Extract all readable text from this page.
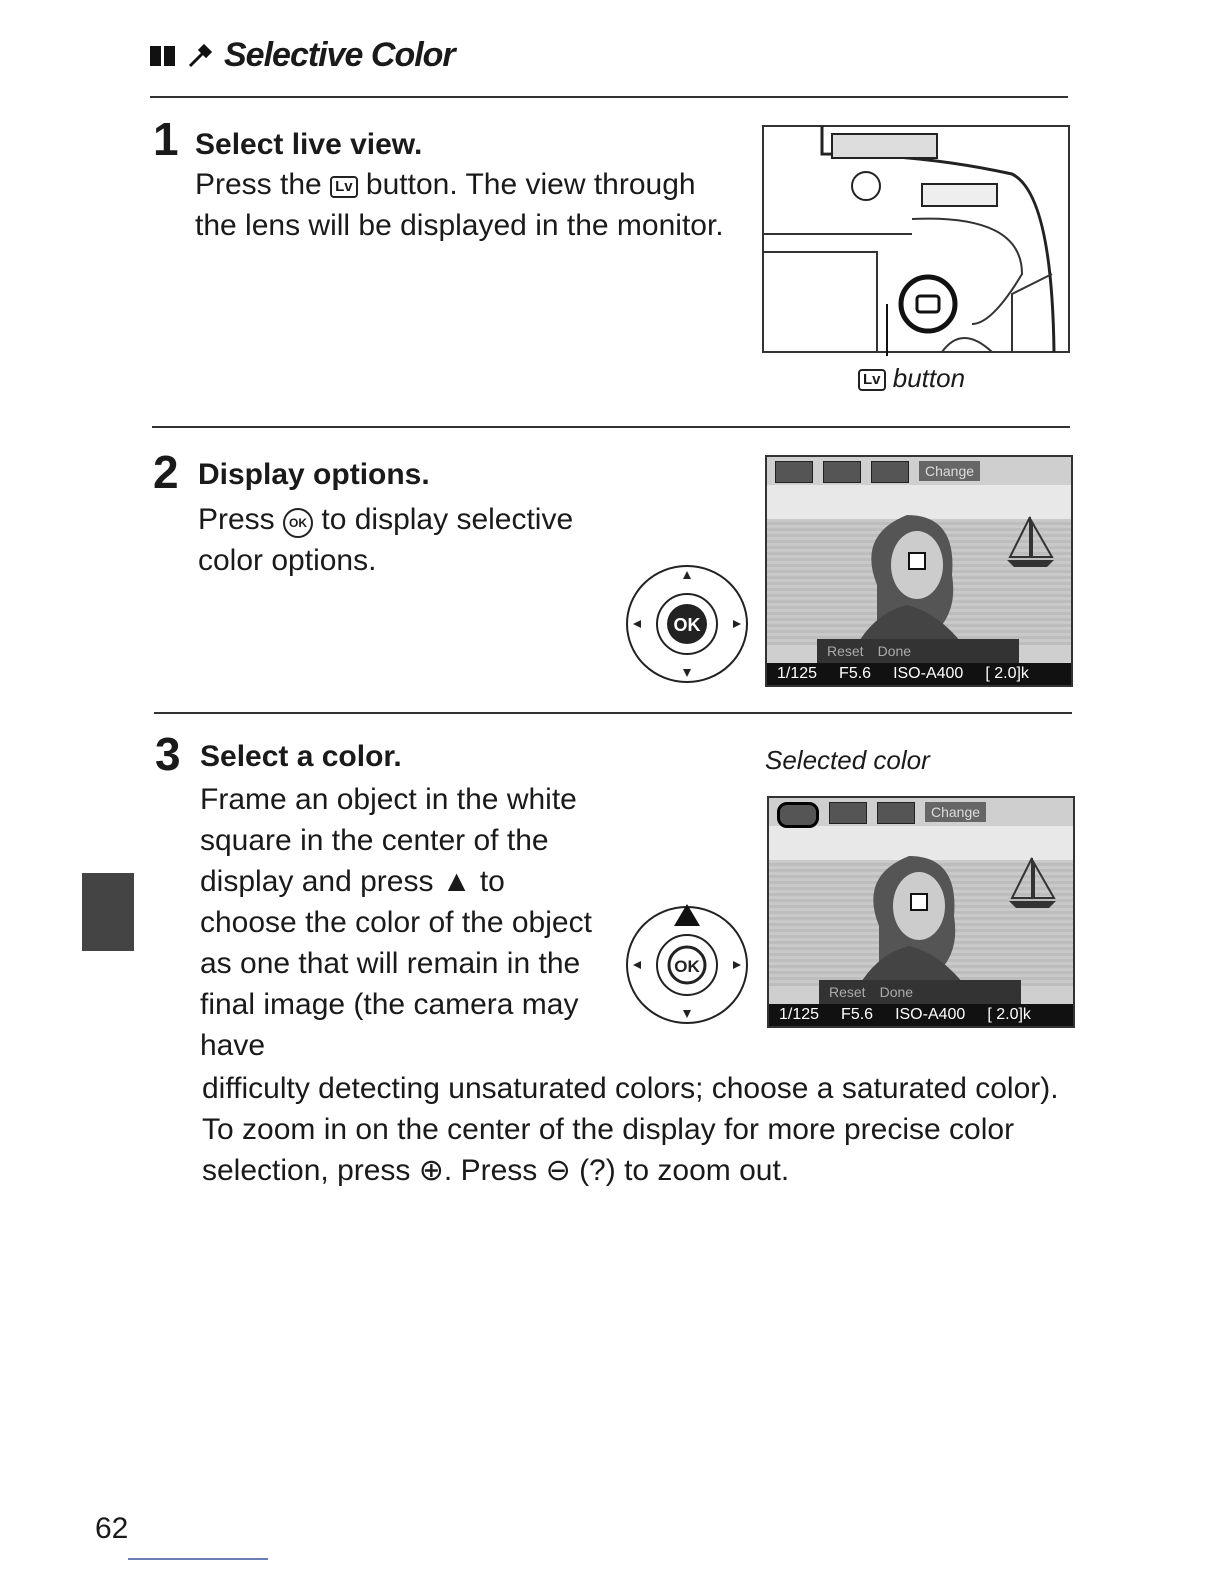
Selective Color
1 Select live view.
Press the Lv button. The view through the lens will be displayed in the monitor.
Lv button
2 Display options.
Press OK to display selective color options.
OK
Change
Reset Done
1/125 F5.6 ISO-A400 [ 2.0]k
3 Select a color.
Frame an object in the white square in the center of the display and press ▲ to choose the color of the object as one that will remain in the final image (the camera may have
difficulty detecting unsaturated colors; choose a saturated color). To zoom in on the center of the display for more precise color selection, press ⊕. Press ⊖ (?) to zoom out.
Selected color
OK
Change
Reset Done
1/125 F5.6 ISO-A400 [ 2.0]k
62
